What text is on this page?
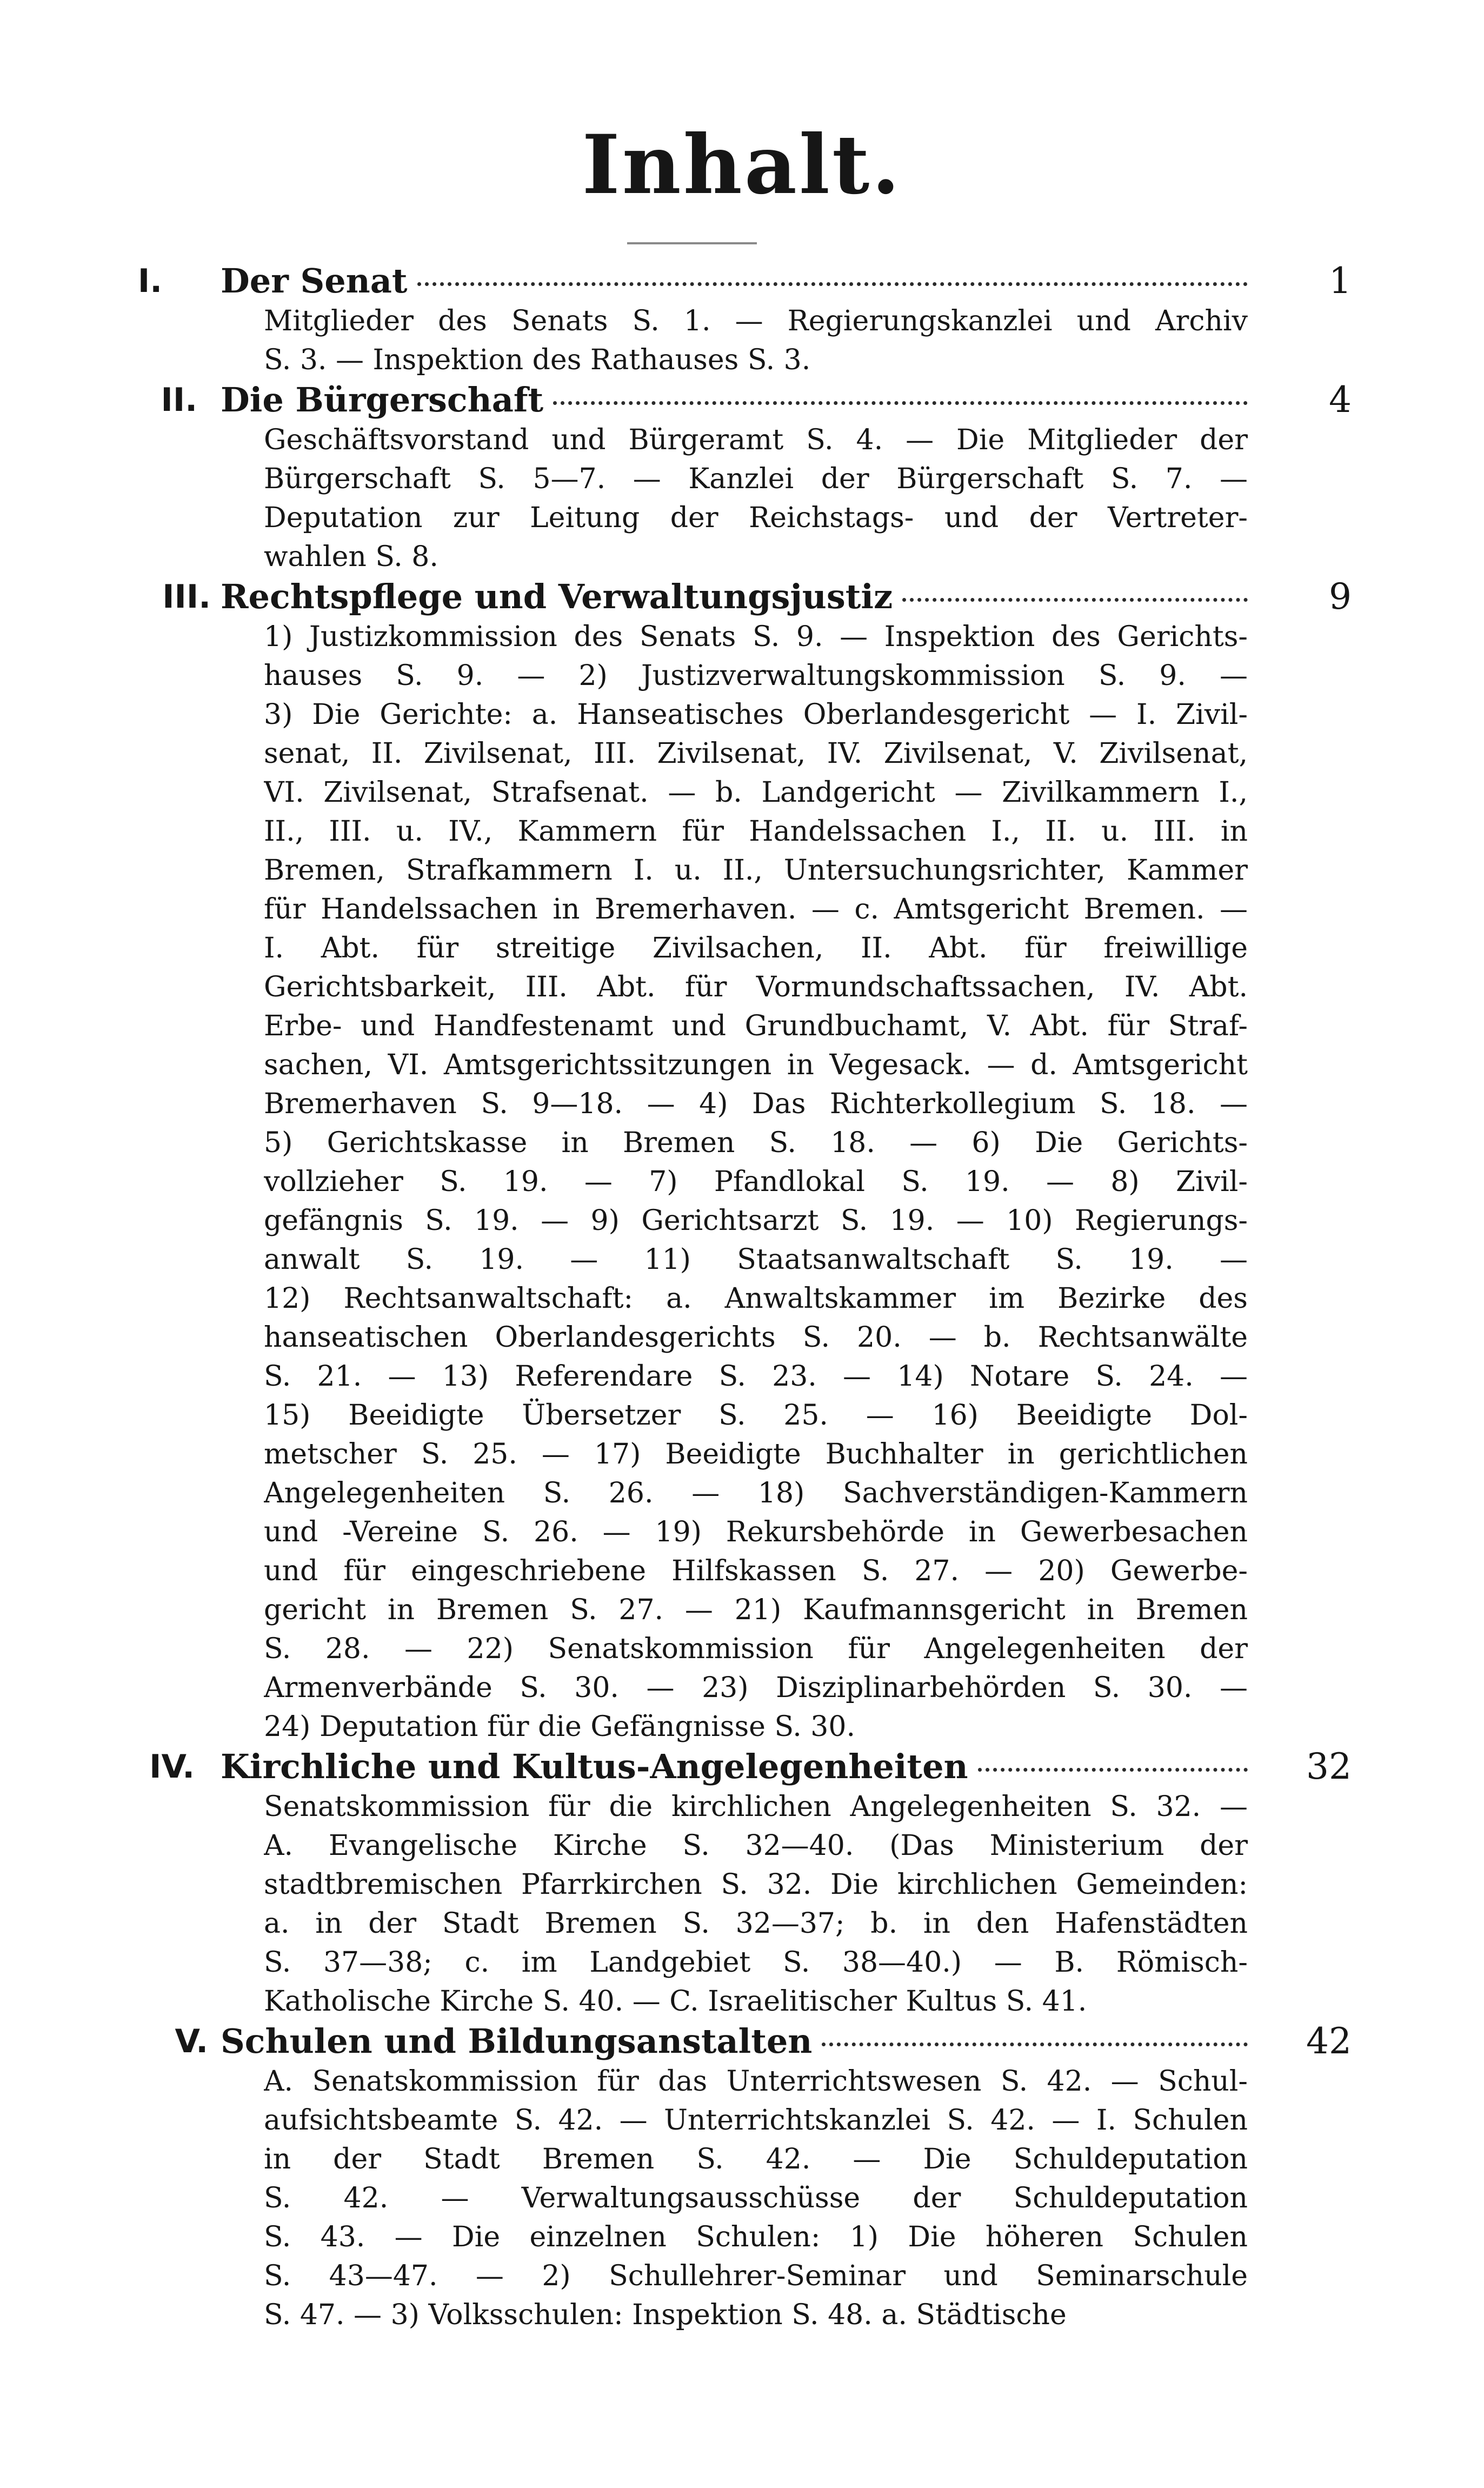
Inhalt.
I. Der Senat	1
Mitglieder des Senats S. 1. — Regierungskanzlei und Archiv
S. 3. — Inspektion des Rathauses S. 3.
II. Die Bürgerschaft	4
Geschäftsvorstand und Bürgeramt S. 4. — Die Mitglieder der
Bürgerschaft S. 5—7. — Kanzlei der Bürgerschaft S. 7. —
Deputation zur Leitung der Reichstags- und der Vertreter-
wahlen S. 8.
III. Rechtspflege und Verwaltungsjustiz	9
1) Justizkommission des Senats S. 9. — Inspektion des Gerichts-
hauses S. 9. — 2) Justizverwaltungskommission S. 9. —
3) Die Gerichte: a. Hanseatisches Oberlandesgericht — I. Zivil-
senat, II. Zivilsenat, III. Zivilsenat, IV. Zivilsenat, V. Zivilsenat,
VI. Zivilsenat, Strafsenat. — b. Landgericht — Zivilkammern I.,
II., III. u. IV., Kammern für Handelssachen I., II. u. III. in
Bremen, Strafkammern I. u. II., Untersuchungsrichter, Kammer
für Handelssachen in Bremerhaven. — c. Amtsgericht Bremen. —
I. Abt. für streitige Zivilsachen, II. Abt. für freiwillige
Gerichtsbarkeit, III. Abt. für Vormundschaftssachen, IV. Abt.
Erbe- und Handfestenamt und Grundbuchamt, V. Abt. für Straf-
sachen, VI. Amtsgerichtssitzungen in Vegesack. — d. Amtsgericht
Bremerhaven S. 9—18. — 4) Das Richterkollegium S. 18. —
5) Gerichtskasse in Bremen S. 18. — 6) Die Gerichts-
vollzieher S. 19. — 7) Pfandlokal S. 19. — 8) Zivil-
gefängnis S. 19. — 9) Gerichtsarzt S. 19. — 10) Regierungs-
anwalt S. 19. — 11) Staatsanwaltschaft S. 19. —
12) Rechtsanwaltschaft: a. Anwaltskammer im Bezirke des
hanseatischen Oberlandesgerichts S. 20. — b. Rechtsanwälte
S. 21. — 13) Referendare S. 23. — 14) Notare S. 24. —
15) Beeidigte Übersetzer S. 25. — 16) Beeidigte Dol-
metscher S. 25. — 17) Beeidigte Buchhalter in gerichtlichen
Angelegenheiten S. 26. — 18) Sachverständigen-Kammern
und -Vereine S. 26. — 19) Rekursbehörde in Gewerbesachen
und für eingeschriebene Hilfskassen S. 27. — 20) Gewerbe-
gericht in Bremen S. 27. — 21) Kaufmannsgericht in Bremen
S. 28. — 22) Senatskommission für Angelegenheiten der
Armenverbände S. 30. — 23) Disziplinarbehörden S. 30. —
24) Deputation für die Gefängnisse S. 30.
IV. Kirchliche und Kultus-Angelegenheiten	32
Senatskommission für die kirchlichen Angelegenheiten S. 32. —
A. Evangelische Kirche S. 32—40. (Das Ministerium der
stadtbremischen Pfarrkirchen S. 32. Die kirchlichen Gemeinden:
a. in der Stadt Bremen S. 32—37; b. in den Hafenstädten
S. 37—38; c. im Landgebiet S. 38—40.) — B. Römisch-
Katholische Kirche S. 40. — C. Israelitischer Kultus S. 41.
V. Schulen und Bildungsanstalten	42
A. Senatskommission für das Unterrichtswesen S. 42. — Schul-
aufsichtsbeamte S. 42. — Unterrichtskanzlei S. 42. — I. Schulen
in der Stadt Bremen S. 42. — Die Schuldeputation
S. 42. — Verwaltungsausschüsse der Schuldeputation
S. 43. — Die einzelnen Schulen: 1) Die höheren Schulen
S. 43—47. — 2) Schullehrer-Seminar und Seminarschule
S. 47. — 3) Volksschulen: Inspektion S. 48. a. Städtische
